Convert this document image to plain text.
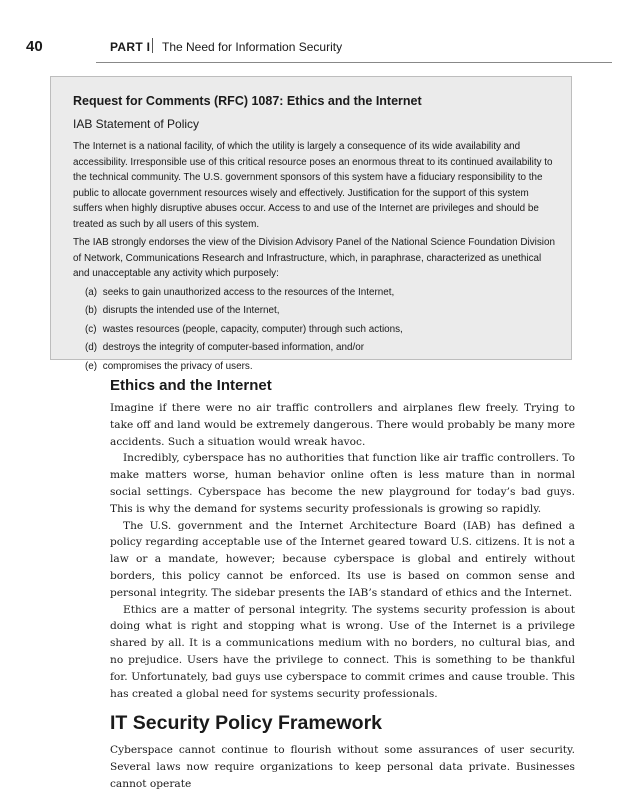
40	PART I The Need for Information Security
Request for Comments (RFC) 1087: Ethics and the Internet
IAB Statement of Policy

The Internet is a national facility, of which the utility is largely a consequence of its wide availability and accessibility. Irresponsible use of this critical resource poses an enormous threat to its continued availability to the technical community. The U.S. government sponsors of this system have a fiduciary responsibility to the public to allocate government resources wisely and effectively. Justification for the support of this system suffers when highly disruptive abuses occur. Access to and use of the Internet are privileges and should be treated as such by all users of this system.

The IAB strongly endorses the view of the Division Advisory Panel of the National Science Foundation Division of Network, Communications Research and Infrastructure, which, in paraphrase, characterized as unethical and unacceptable any activity which purposely:

(a) seeks to gain unauthorized access to the resources of the Internet,
(b) disrupts the intended use of the Internet,
(c) wastes resources (people, capacity, computer) through such actions,
(d) destroys the integrity of computer-based information, and/or
(e) compromises the privacy of users.
Ethics and the Internet

Imagine if there were no air traffic controllers and airplanes flew freely. Trying to take off and land would be extremely dangerous. There would probably be many more accidents. Such a situation would wreak havoc.

Incredibly, cyberspace has no authorities that function like air traffic controllers. To make matters worse, human behavior online often is less mature than in normal social settings. Cyberspace has become the new playground for today’s bad guys. This is why the demand for systems security professionals is growing so rapidly.

The U.S. government and the Internet Architecture Board (IAB) has defined a policy regarding acceptable use of the Internet geared toward U.S. citizens. It is not a law or a mandate, however; because cyberspace is global and entirely without borders, this policy cannot be enforced. Its use is based on common sense and personal integrity. The sidebar presents the IAB’s standard of ethics and the Internet.

Ethics are a matter of personal integrity. The systems security profession is about doing what is right and stopping what is wrong. Use of the Internet is a privilege shared by all. It is a communications medium with no borders, no cultural bias, and no prejudice. Users have the privilege to connect. This is something to be thankful for. Unfortunately, bad guys use cyberspace to commit crimes and cause trouble. This has created a global need for systems security professionals.

IT Security Policy Framework

Cyberspace cannot continue to flourish without some assurances of user security. Several laws now require organizations to keep personal data private. Businesses cannot operate
